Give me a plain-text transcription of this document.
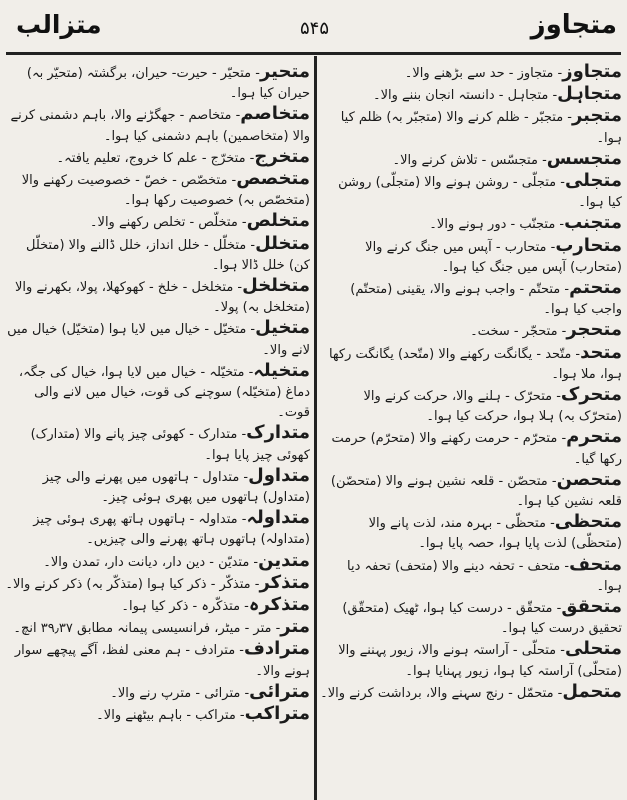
متجاوز
۵۴۵
متزالب
متجاوز- متجاوز - حد سے بڑھنے والا۔
متجاہل- متجاہل - دانستہ انجان بننے والا۔
متجبر- متجبّر - ظلم کرنے والا (متجبّر بہ) ظلم کیا ہوا۔
متجسس- متجسّس - تلاش کرنے والا۔
متجلی- متجلّی - روشن ہونے والا (متجلّی) روشن کیا ہوا۔
متجنب- متجنّب - دور ہونے والا۔
متحارب- متحارب - آپس میں جنگ کرنے والا (متحارب) آپس میں جنگ کیا ہوا۔
متحتم- متحتّم - واجب ہونے والا، یقینی (متحتّم) واجب کیا ہوا۔
متحجر- متحجّر - سخت۔
متحد- متّحد - یگانگت رکھنے والا (متّحد) یگانگت رکھا ہوا، ملا ہوا۔
متحرک- متحرّک - ہلنے والا، حرکت کرنے والا (متحرّک بہ) ہلا ہوا، حرکت کیا ہوا۔
متحرم- متحرّم - حرمت رکھنے والا (متحرّم) حرمت رکھا گیا۔
متحصن- متحصّن - قلعہ نشین ہونے والا (متحصّن) قلعہ نشین کیا ہوا۔
متحظی- متحظّی - بہرہ مند، لذت پانے والا (متحظّی) لذت پایا ہوا، حصہ پایا ہوا۔
متحف- متحف - تحفہ دینے والا (متحف) تحفہ دیا ہوا۔
متحقق- متحقّق - درست کیا ہوا، ٹھیک (متحقّق) تحقیق درست کیا ہوا۔
متحلی- متحلّی - آراستہ ہونے والا، زیور پہننے والا (متحلّی) آراستہ کیا ہوا، زیور پہنایا ہوا۔
متحمل- متحمّل - رنج سہنے والا، برداشت کرنے والا۔
متحیر- متحیّر - حیرت- حیران، برگشتہ (متحیّر بہ) حیران کیا ہوا۔
متخاصم- متخاصم - جھگڑنے والا، باہم دشمنی کرنے والا (متخاصمین) باہم دشمنی کیا ہوا۔
متخرج- متخرّج - علم کا خروج، تعلیم یافتہ۔
متخصص- متخصّص - خصّ - خصوصیت رکھنے والا (متخصّص بہ) خصوصیت رکھا ہوا۔
متخلص- متخلّص - تخلص رکھنے والا۔
متخلل- متخلّل - خلل انداز، خلل ڈالنے والا (متخلّل کن) خلل ڈالا ہوا۔
متخلخل- متخلخل - خلخ - کھوکھلا، پولا، بکھرنے والا (متخلخل بہ) پولا۔
متخیل- متخیّل - خیال میں لایا ہوا (متخیّل) خیال میں لانے والا۔
متخیلہ- متخیّلہ - خیال میں لایا ہوا، خیال کی جگہ، دماغ (متخیّلہ) سوچنے کی قوت، خیال میں لانے والی قوت۔
متدارک- متدارک - کھوئی چیز پانے والا (متدارک) کھوئی چیز پایا ہوا۔
متداول- متداول - ہاتھوں میں پھرنے والی چیز (متداول) ہاتھوں میں پھری ہوئی چیز۔
متداولہ- متداولہ - ہاتھوں ہاتھ پھری ہوئی چیز (متداولہ) ہاتھوں ہاتھ پھرنے والی چیزیں۔
متدین- متدیّن - دین دار، دیانت دار، تمدن والا۔
متذکر- متذکّر - ذکر کیا ہوا (متذکّر بہ) ذکر کرنے والا۔
متذکرہ- متذکّرہ - ذکر کیا ہوا۔
متر- متر - میٹر، فرانسیسی پیمانہ مطابق ۳۹٫۳۷ انچ۔
مترادف- مترادف - ہم معنی لفظ، آگے پیچھے سوار ہونے والا۔
مترائی- مترائی - مترپ رنے والا۔
متراکب- متراکب - باہم بیٹھنے والا۔
